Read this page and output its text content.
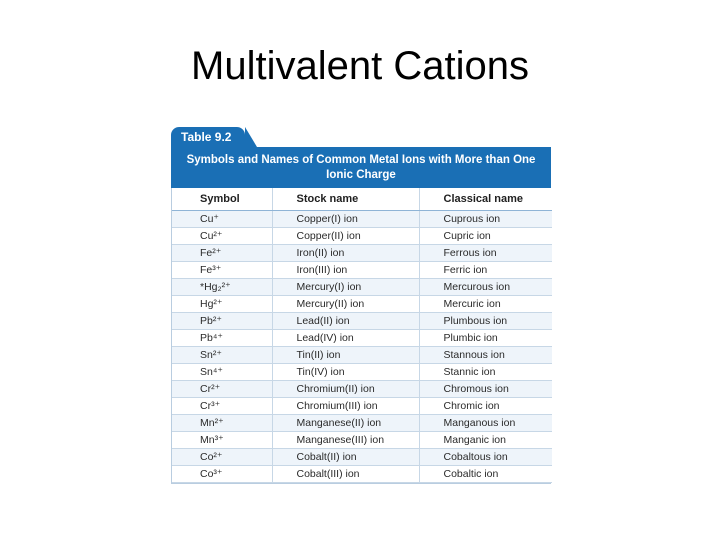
Multivalent Cations
Table 9.2
Symbols and Names of Common Metal Ions with More than One Ionic Charge
Symbol	Stock name	Classical name
Cu⁺	Copper(I) ion	Cuprous ion
Cu²⁺	Copper(II) ion	Cupric ion
Fe²⁺	Iron(II) ion	Ferrous ion
Fe³⁺	Iron(III) ion	Ferric ion
*Hg₂²⁺	Mercury(I) ion	Mercurous ion
Hg²⁺	Mercury(II) ion	Mercuric ion
Pb²⁺	Lead(II) ion	Plumbous ion
Pb⁴⁺	Lead(IV) ion	Plumbic ion
Sn²⁺	Tin(II) ion	Stannous ion
Sn⁴⁺	Tin(IV) ion	Stannic ion
Cr²⁺	Chromium(II) ion	Chromous ion
Cr³⁺	Chromium(III) ion	Chromic ion
Mn²⁺	Manganese(II) ion	Manganous ion
Mn³⁺	Manganese(III) ion	Manganic ion
Co²⁺	Cobalt(II) ion	Cobaltous ion
Co³⁺	Cobalt(III) ion	Cobaltic ion
